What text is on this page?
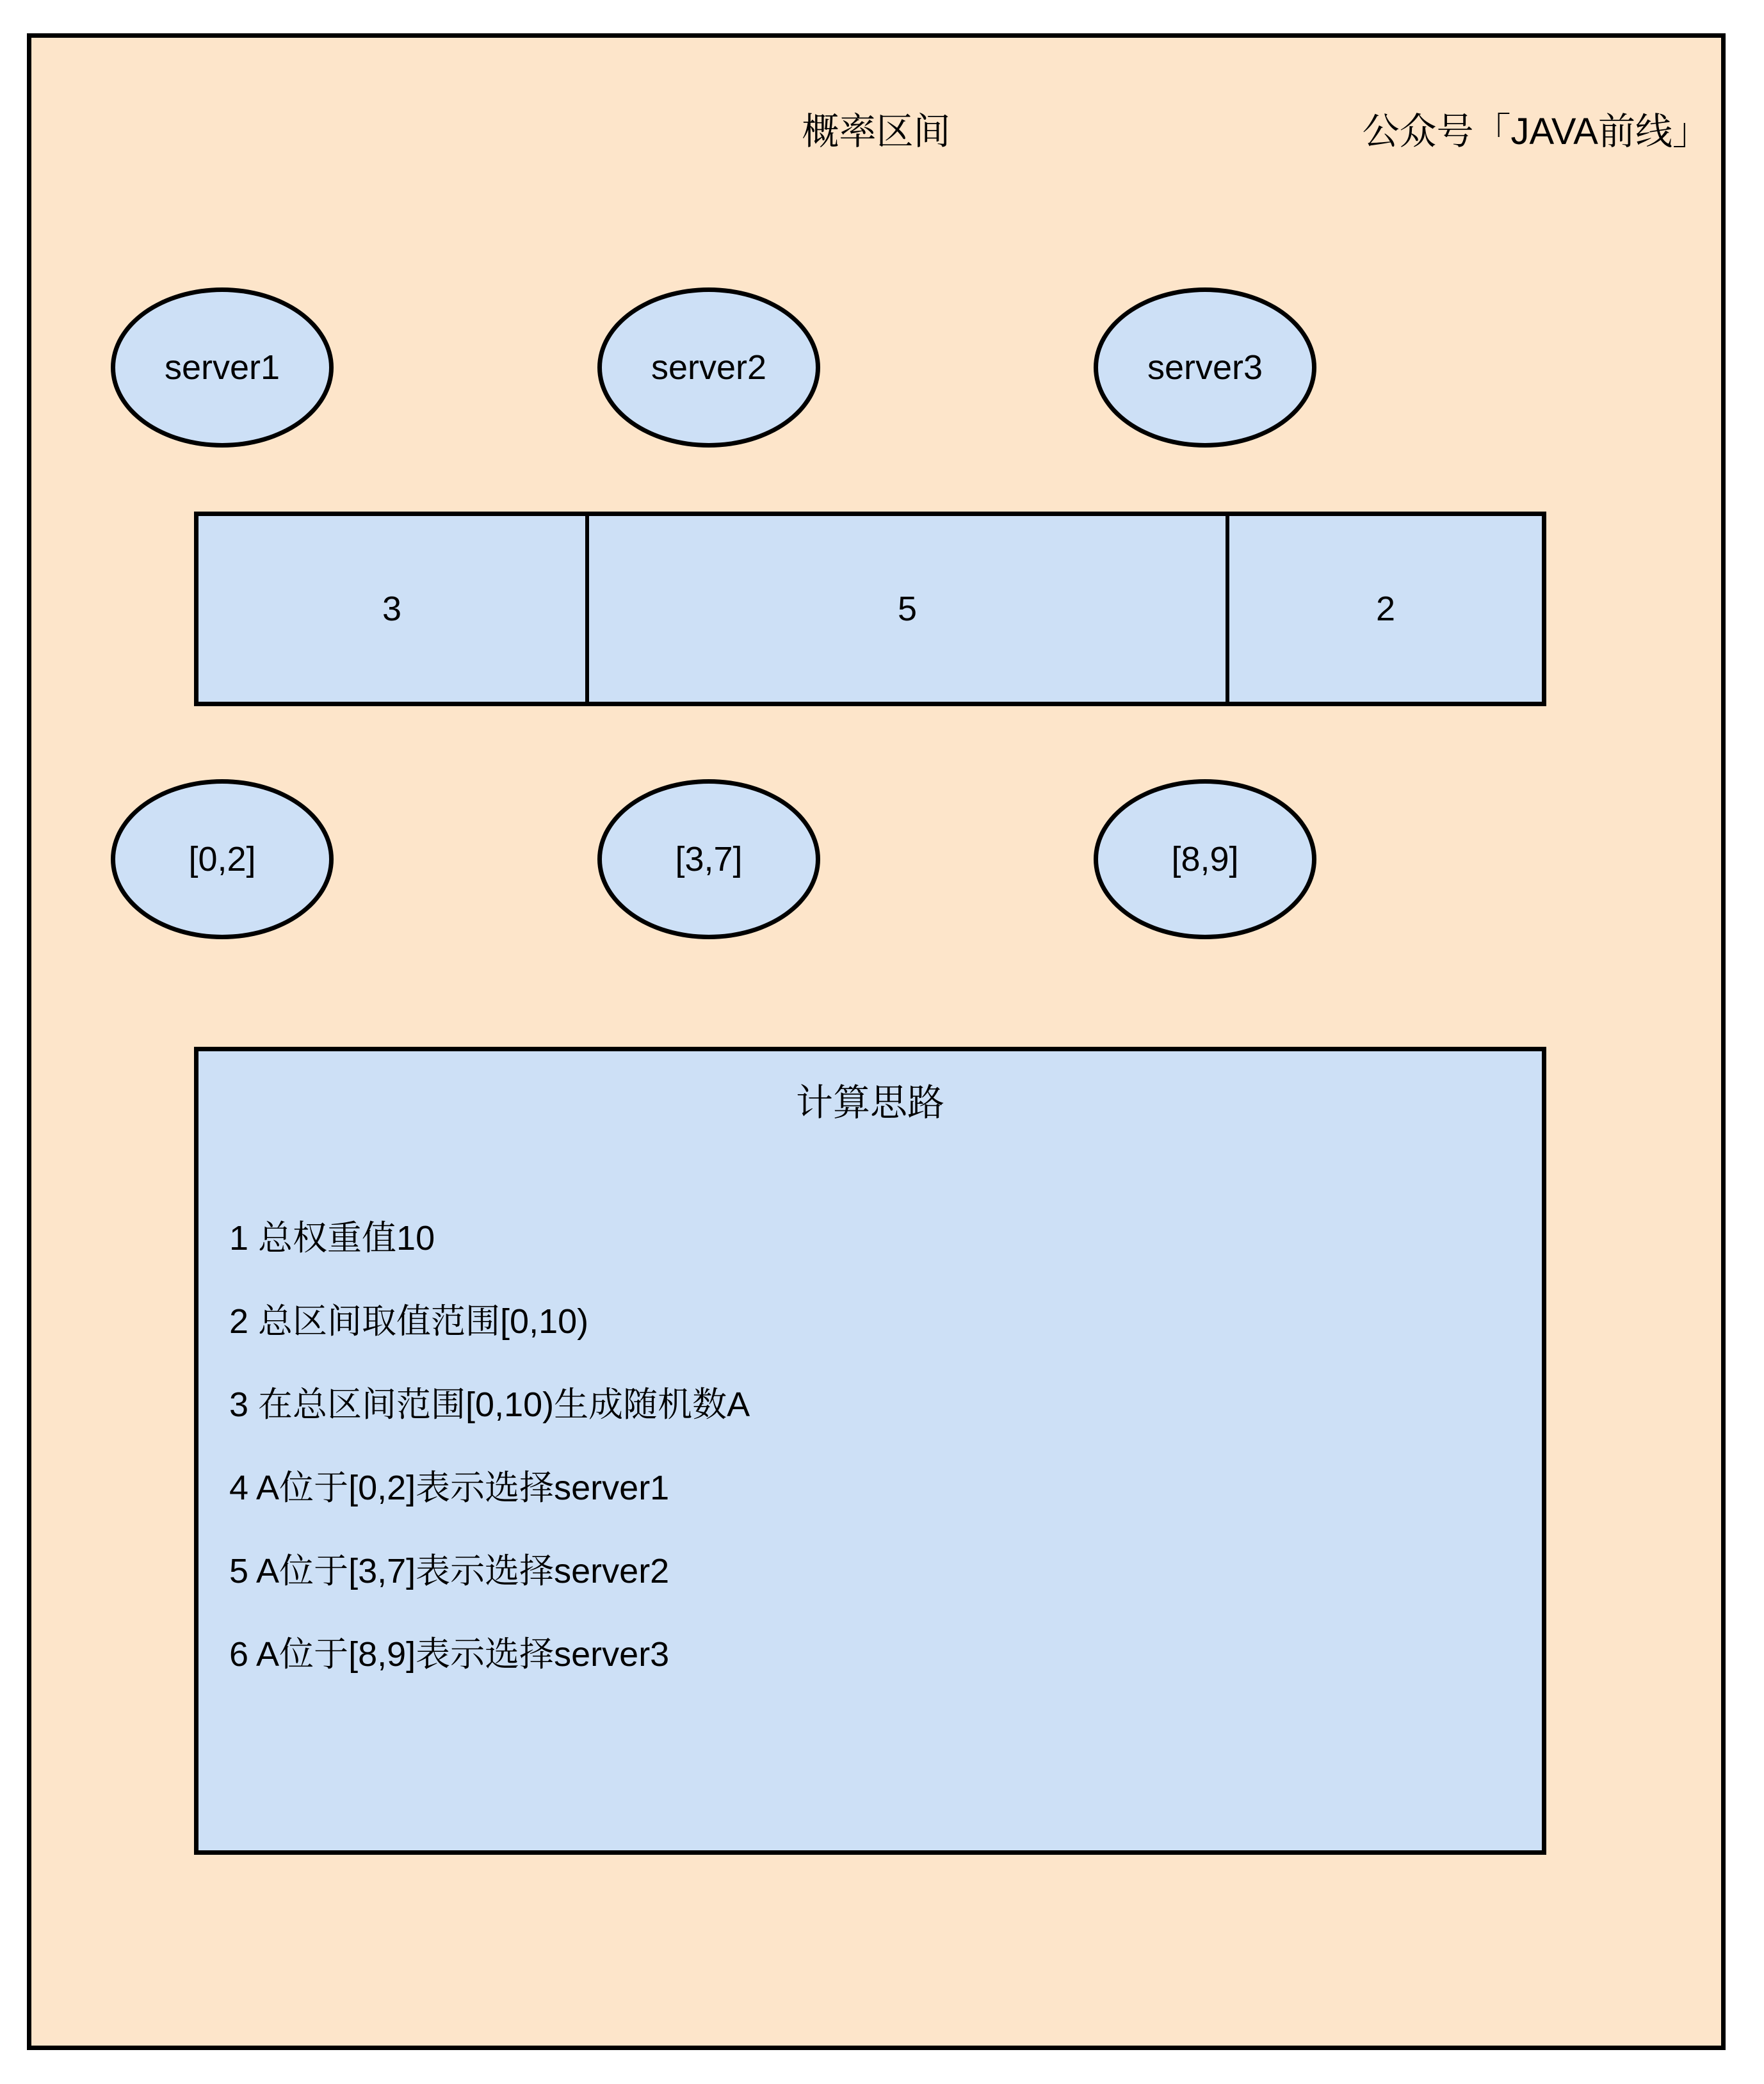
概率区间	公众号「JAVA前线」
server1	server2	server3
3	5	2
[0,2]	[3,7]	[8,9]
计算思路
1 总权重值10
2 总区间取值范围[0,10)
3 在总区间范围[0,10)生成随机数A
4 A位于[0,2]表示选择server1
5 A位于[3,7]表示选择server2
6 A位于[8,9]表示选择server3
